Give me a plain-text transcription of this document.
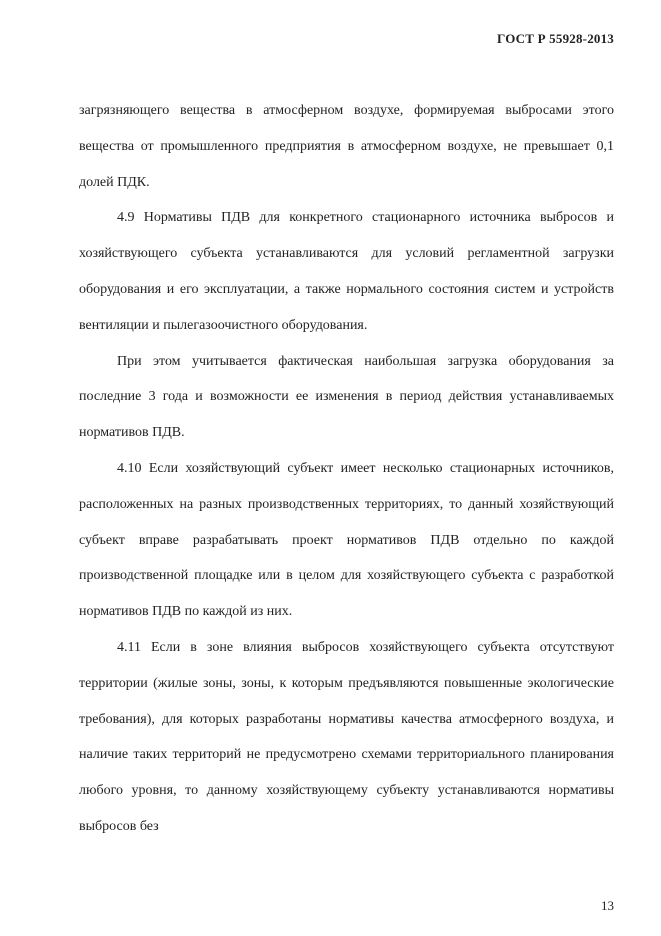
ГОСТ Р 55928-2013

загрязняющего вещества в атмосферном воздухе, формируемая выбросами этого вещества от промышленного предприятия в атмосферном воздухе, не превышает 0,1 долей ПДК.

4.9 Нормативы ПДВ для конкретного стационарного источника выбросов и хозяйствующего субъекта устанавливаются для условий регламентной загрузки оборудования и его эксплуатации, а также нормального состояния систем и устройств вентиляции и пылегазоочистного оборудования.

При этом учитывается фактическая наибольшая загрузка оборудования за последние 3 года и возможности ее изменения в период действия устанавливаемых нормативов ПДВ.

4.10 Если хозяйствующий субъект имеет несколько стационарных источников, расположенных на разных производственных территориях, то данный хозяйствующий субъект вправе разрабатывать проект нормативов ПДВ отдельно по каждой производственной площадке или в целом для хозяйствующего субъекта с разработкой нормативов ПДВ по каждой из них.

4.11 Если в зоне влияния выбросов хозяйствующего субъекта отсутствуют территории (жилые зоны, зоны, к которым предъявляются повышенные экологические требования), для которых разработаны нормативы качества атмосферного воздуха, и наличие таких территорий не предусмотрено схемами территориального планирования любого уровня, то данному хозяйствующему субъекту устанавливаются нормативы выбросов без

13
